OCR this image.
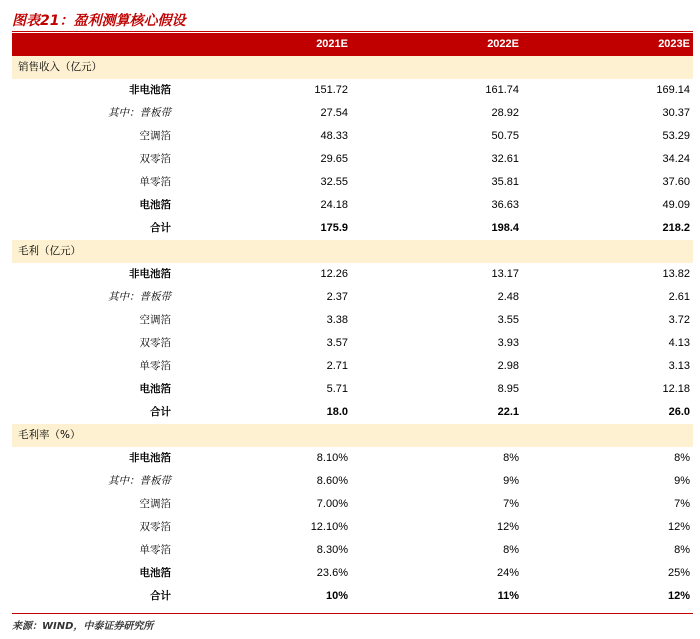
图表21：盈利测算核心假设
	2021E	2022E	2023E
销售收入（亿元）			
非电池箔	151.72	161.74	169.14
其中：普板带	27.54	28.92	30.37
空调箔	48.33	50.75	53.29
双零箔	29.65	32.61	34.24
单零箔	32.55	35.81	37.60
电池箔	24.18	36.63	49.09
合计	175.9	198.4	218.2
毛利（亿元）			
非电池箔	12.26	13.17	13.82
其中：普板带	2.37	2.48	2.61
空调箔	3.38	3.55	3.72
双零箔	3.57	3.93	4.13
单零箔	2.71	2.98	3.13
电池箔	5.71	8.95	12.18
合计	18.0	22.1	26.0
毛利率（%）			
非电池箔	8.10%	8%	8%
其中：普板带	8.60%	9%	9%
空调箔	7.00%	7%	7%
双零箔	12.10%	12%	12%
单零箔	8.30%	8%	8%
电池箔	23.6%	24%	25%
合计	10%	11%	12%
来源：WIND，中泰证券研究所
